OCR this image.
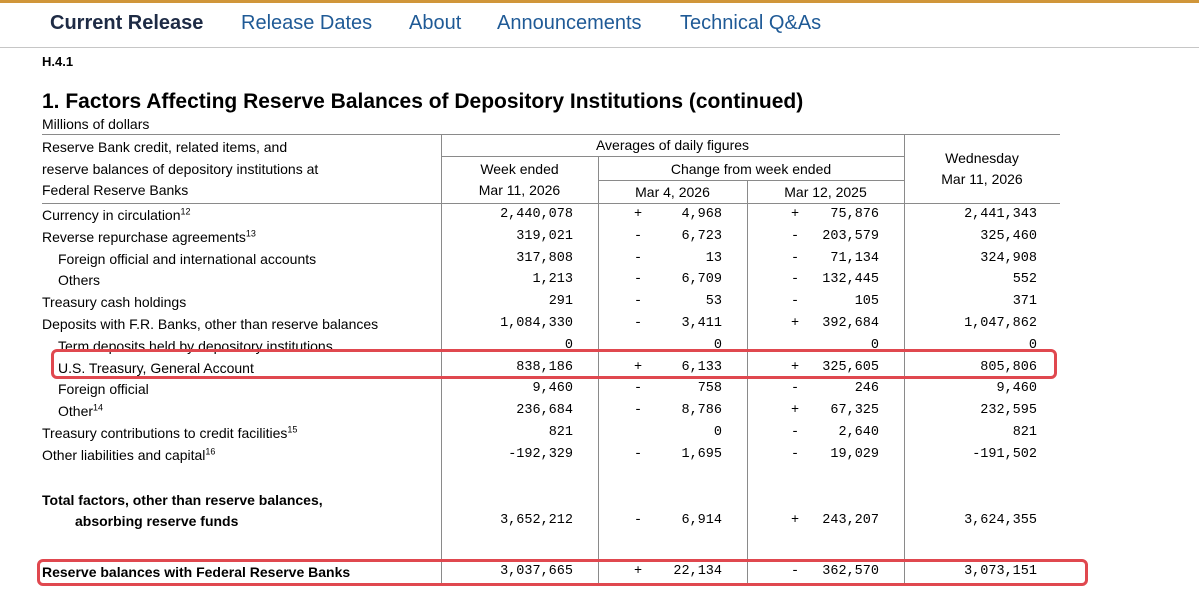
Current Release Release Dates About Announcements Technical Q&As
H.4.1
1. Factors Affecting Reserve Balances of Depository Institutions (continued)
Millions of dollars
Reserve Bank credit, related items, and
reserve balances of depository institutions at
Federal Reserve Banks
Averages of daily figures
Week ended
Mar 11, 2026
Change from week ended
Mar 4, 2026	Mar 12, 2025
Wednesday
Mar 11, 2026
Currency in circulation$^{12}$	2,440,078	+	4,968	+	75,876	2,441,343
Reverse repurchase agreements$^{13}$	319,021	-	6,723	-	203,579	325,460
Foreign official and international accounts	317,808	-	13	-	71,134	324,908
Others	1,213	-	6,709	-	132,445	552
Treasury cash holdings	291	-	53	-	105	371
Deposits with F.R. Banks, other than reserve balances	1,084,330	-	3,411	+	392,684	1,047,862
Term deposits held by depository institutions	0	0	0	0
U.S. Treasury, General Account	838,186	+	6,133	+	325,605	805,806
Foreign official	9,460	-	758	-	246	9,460
Other$^{14}$	236,684	-	8,786	+	67,325	232,595
Treasury contributions to credit facilities$^{15}$	821	0	-	2,640	821
Other liabilities and capital$^{16}$	-192,329	-	1,695	-	19,029	-191,502
Total factors, other than reserve balances,
absorbing reserve funds	3,652,212	-	6,914	+	243,207	3,624,355
Reserve balances with Federal Reserve Banks	3,037,665	+	22,134	-	362,570	3,073,151
